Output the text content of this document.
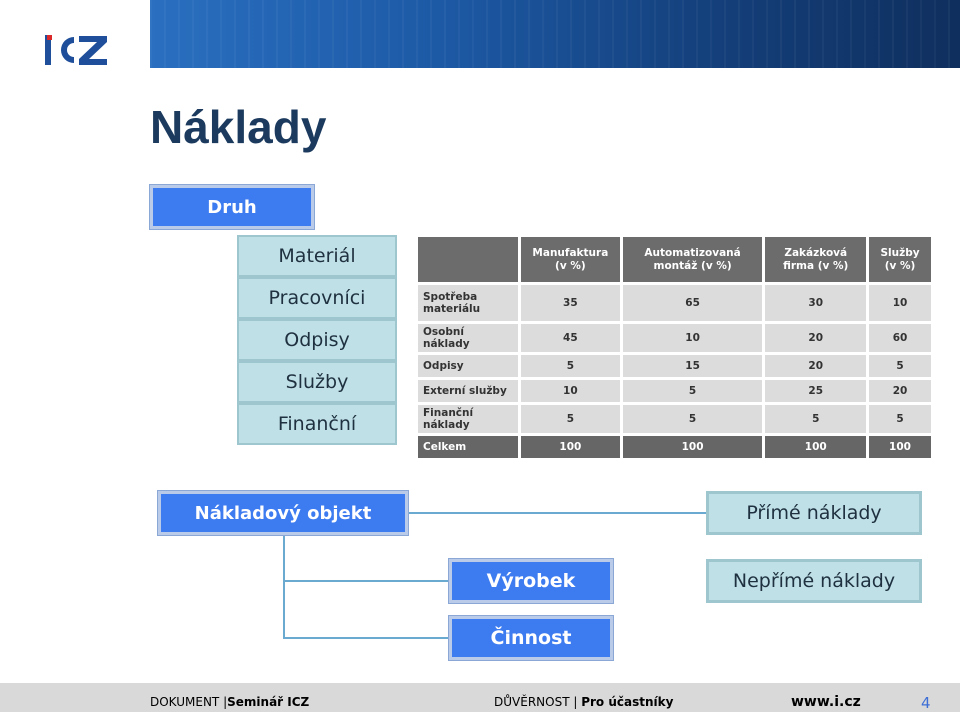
Náklady
Druh
Materiál
Pracovníci
Odpisy
Služby
Finanční
	Manufaktura (v %)	Automatizovaná montáž (v %)	Zakázková firma (v %)	Služby (v %)
Spotřeba materiálu	35	65	30	10
Osobní náklady	45	10	20	60
Odpisy	5	15	20	5
Externí služby	10	5	25	20
Finanční náklady	5	5	5	5
Celkem	100	100	100	100
Nákladový objekt	Přímé náklady
Nepřímé náklady
Výrobek
Činnost
DOKUMENT |Seminář ICZ	DŮVĚRNOST | Pro účastníky	www.i.cz	4
